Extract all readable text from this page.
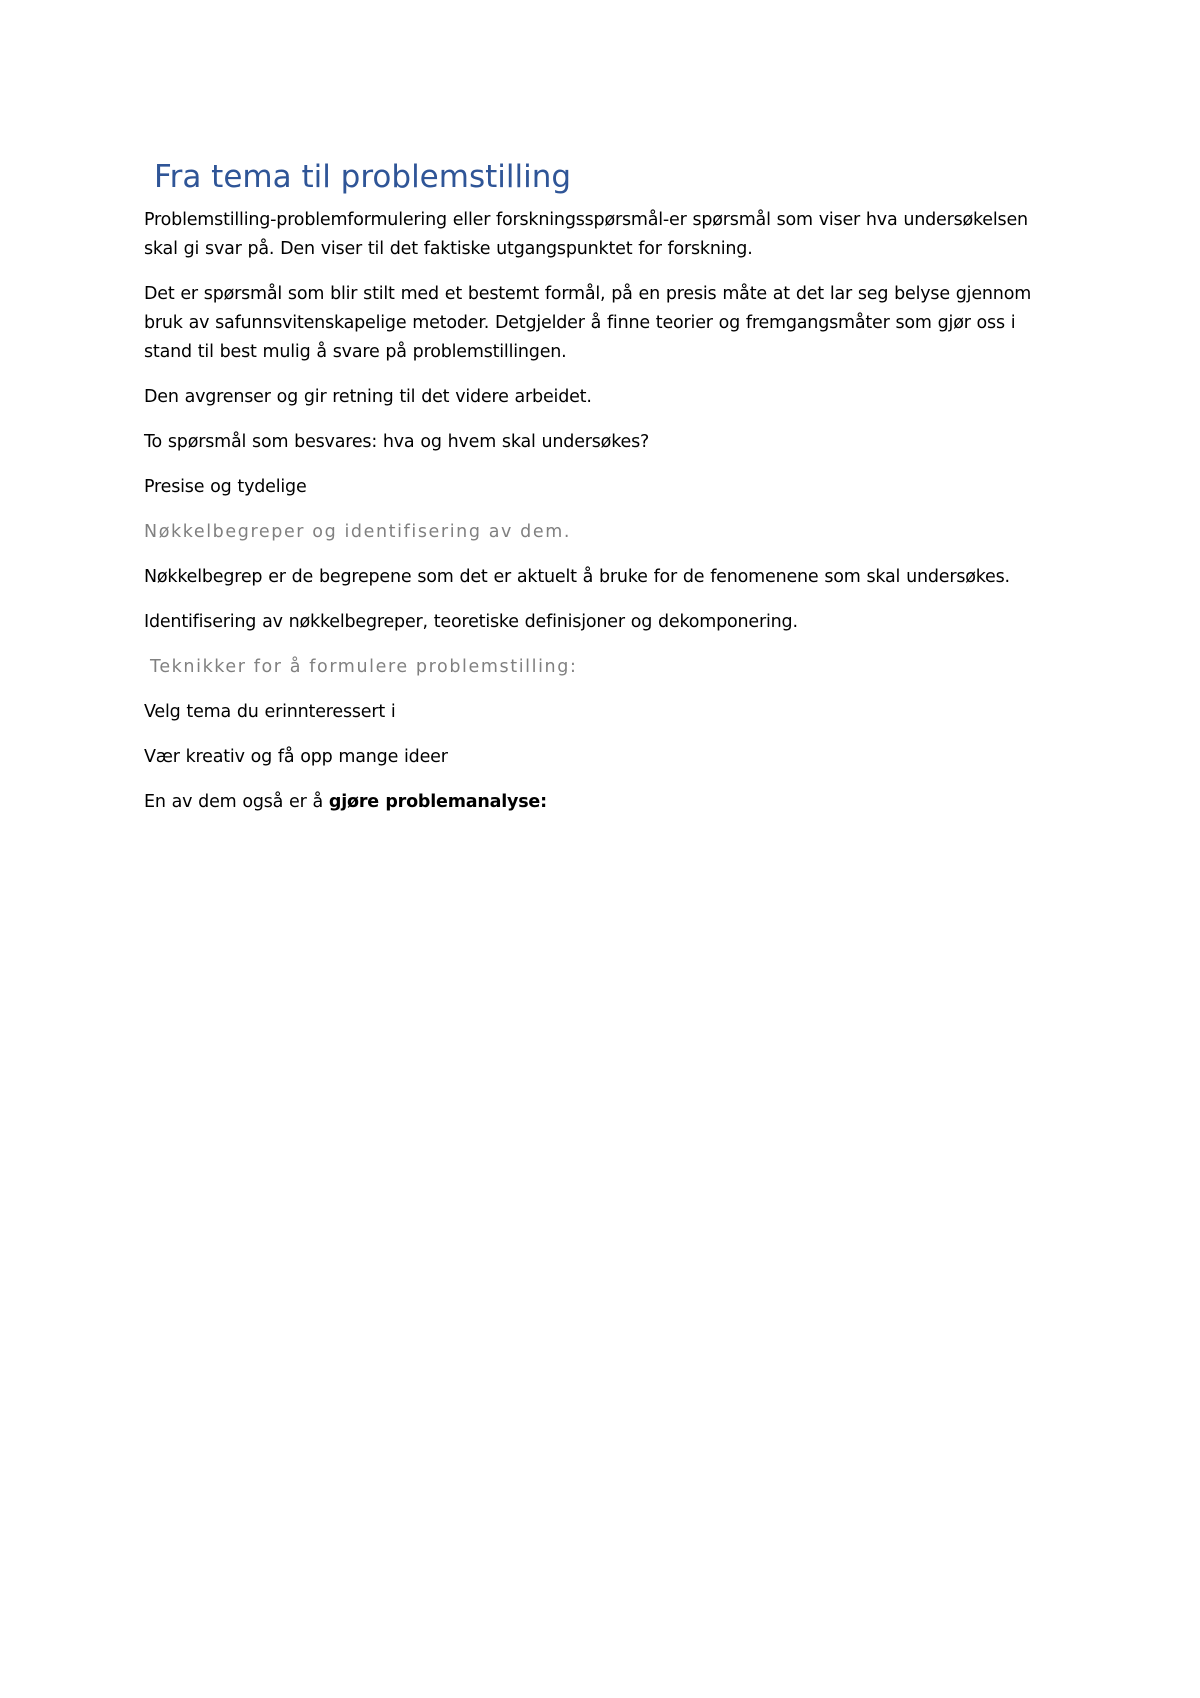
Fra tema til problemstilling

Problemstilling-problemformulering eller forskningsspørsmål-er spørsmål som viser hva undersøkelsen skal gi svar på. Den viser til det faktiske utgangspunktet for forskning.

Det er spørsmål som blir stilt med et bestemt formål, på en presis måte at det lar seg belyse gjennom bruk av safunnsvitenskapelige metoder. Detgjelder å finne teorier og fremgangsmåter som gjør oss i stand til best mulig å svare på problemstillingen.

Den avgrenser og gir retning til det videre arbeidet.

To spørsmål som besvares: hva og hvem skal undersøkes?

Presise og tydelige

Nøkkelbegreper og identifisering av dem.

Nøkkelbegrep er de begrepene som det er aktuelt å bruke for de fenomenene som skal undersøkes.

Identifisering av nøkkelbegreper, teoretiske definisjoner og dekomponering.

Teknikker for å formulere problemstilling:

Velg tema du erinnteressert i

Vær kreativ og få opp mange ideer

En av dem også er å gjøre problemanalyse:
